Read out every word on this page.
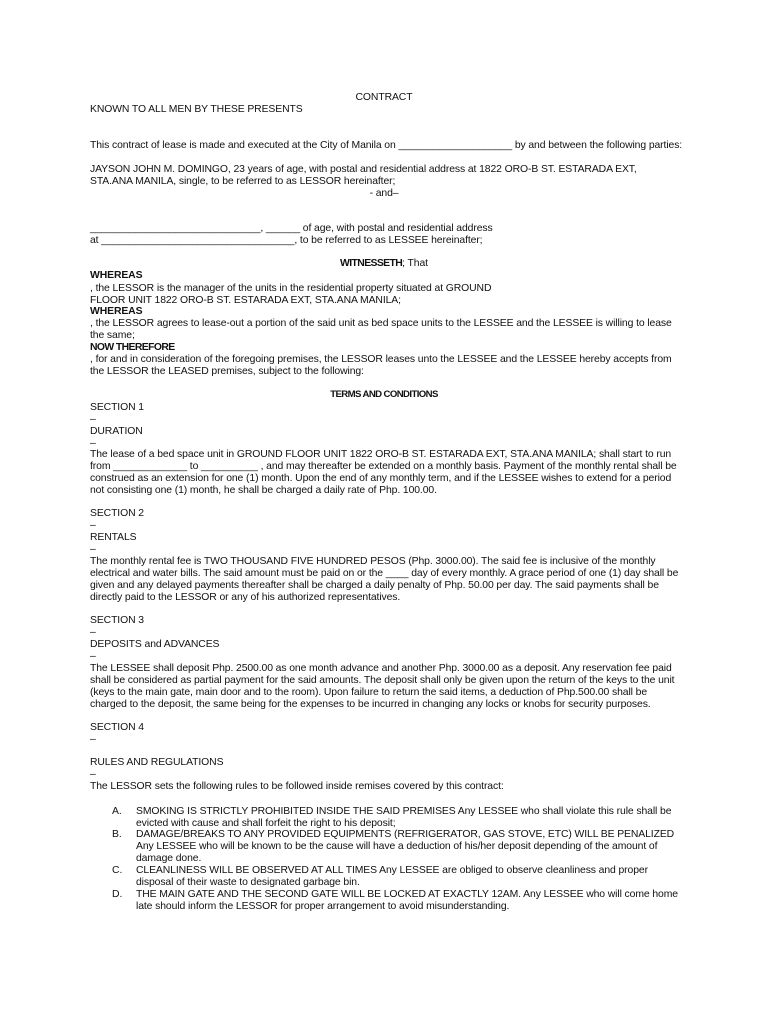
CONTRACT
KNOWN TO ALL MEN BY THESE PRESENTS
This contract of lease is made and executed at the City of Manila on ____________________ by and between the following parties:
JAYSON JOHN M. DOMINGO, 23 years of age, with postal and residential address at 1822 ORO-B ST. ESTARADA EXT,
STA.ANA MANILA, single, to be referred to as LESSOR hereinafter;
- and–
______________________________, ______ of age, with postal and residential address
at __________________________________, to be referred to as LESSEE hereinafter;
WITNESSETH; That
WHEREAS
, the LESSOR is the manager of the units in the residential property situated at GROUND
FLOOR UNIT 1822 ORO-B ST. ESTARADA EXT, STA.ANA MANILA;
WHEREAS
, the LESSOR agrees to lease-out a portion of the said unit as bed space units to the LESSEE and the LESSEE is willing to lease
the same;
NOW THEREFORE
, for and in consideration of the foregoing premises, the LESSOR leases unto the LESSEE and the LESSEE hereby accepts from
the LESSOR the LEASED premises, subject to the following:
TERMS AND CONDITIONS
SECTION 1
–
DURATION
–
The lease of a bed space unit in GROUND FLOOR UNIT 1822 ORO-B ST. ESTARADA EXT, STA.ANA MANILA; shall start to run
from _____________ to __________ , and may thereafter be extended on a monthly basis. Payment of the monthly rental shall be
construed as an extension for one (1) month. Upon the end of any monthly term, and if the LESSEE wishes to extend for a period
not consisting one (1) month, he shall be charged a daily rate of Php. 100.00.
SECTION 2
–
RENTALS
–
The monthly rental fee is TWO THOUSAND FIVE HUNDRED PESOS (Php. 3000.00). The said fee is inclusive of the monthly
electrical and water bills. The said amount must be paid on or the ____ day of every monthly. A grace period of one (1) day shall be
given and any delayed payments thereafter shall be charged a daily penalty of Php. 50.00 per day. The said payments shall be
directly paid to the LESSOR or any of his authorized representatives.
SECTION 3
–
DEPOSITS and ADVANCES
–
The LESSEE shall deposit Php. 2500.00 as one month advance and another Php. 3000.00 as a deposit. Any reservation fee paid
shall be considered as partial payment for the said amounts. The deposit shall only be given upon the return of the keys to the unit
(keys to the main gate, main door and to the room). Upon failure to return the said items, a deduction of Php.500.00 shall be
charged to the deposit, the same being for the expenses to be incurred in changing any locks or knobs for security purposes.
SECTION 4
–
RULES AND REGULATIONS
–
The LESSOR sets the following rules to be followed inside remises covered by this contract:
A. SMOKING IS STRICTLY PROHIBITED INSIDE THE SAID PREMISES Any LESSEE who shall violate this rule shall be
evicted with cause and shall forfeit the right to his deposit;
B. DAMAGE/BREAKS TO ANY PROVIDED EQUIPMENTS (REFRIGERATOR, GAS STOVE, ETC) WILL BE PENALIZED
Any LESSEE who will be known to be the cause will have a deduction of his/her deposit depending of the amount of
damage done.
C. CLEANLINESS WILL BE OBSERVED AT ALL TIMES Any LESSEE are obliged to observe cleanliness and proper
disposal of their waste to designated garbage bin.
D. THE MAIN GATE AND THE SECOND GATE WILL BE LOCKED AT EXACTLY 12AM. Any LESSEE who will come home
late should inform the LESSOR for proper arrangement to avoid misunderstanding.
